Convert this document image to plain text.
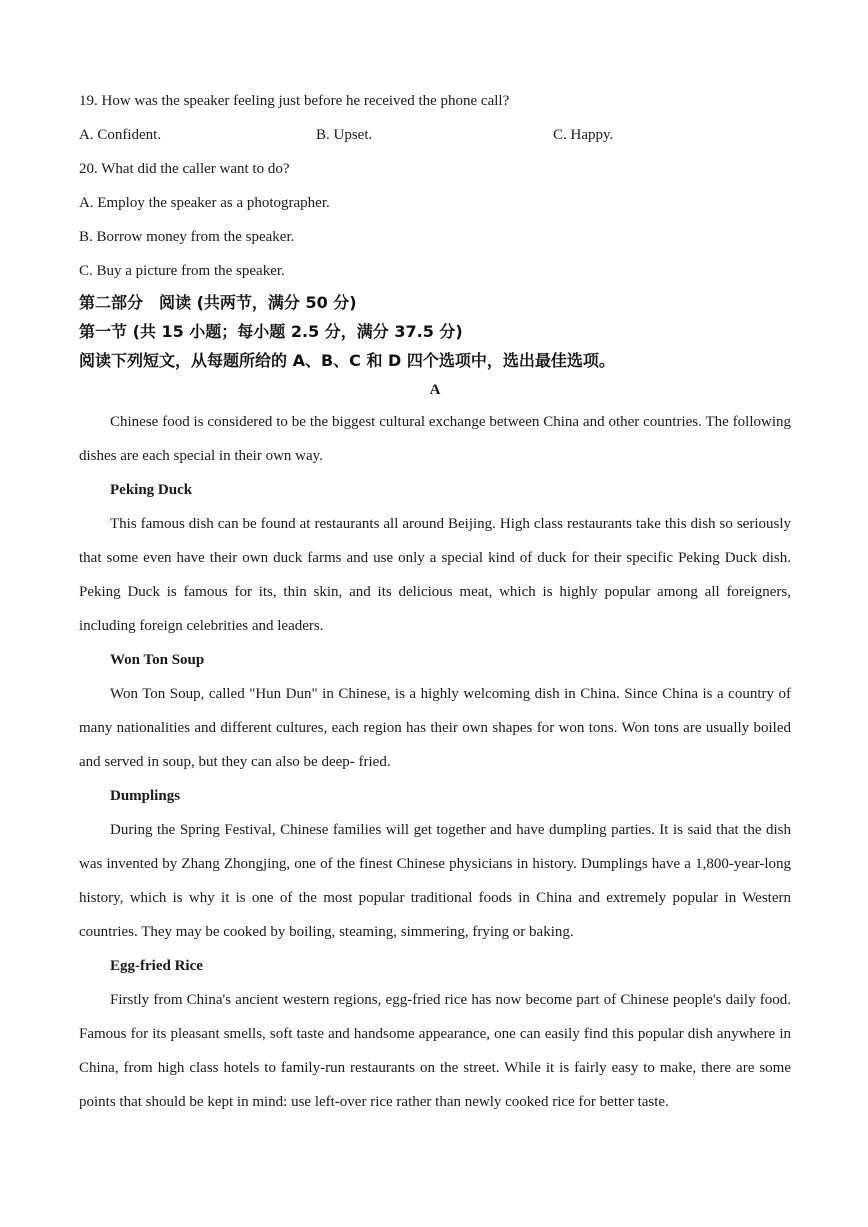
19. How was the speaker feeling just before he received the phone call?
A. Confident.	B. Upset.	C. Happy.
20. What did the caller want to do?
A. Employ the speaker as a photographer.
B. Borrow money from the speaker.
C. Buy a picture from the speaker.
第二部分　阅读 (共两节，满分 50 分)
第一节 (共 15 小题；每小题 2.5 分，满分 37.5 分)
阅读下列短文，从每题所给的 A、B、C 和 D 四个选项中，选出最佳选项。
A

Chinese food is considered to be the biggest cultural exchange between China and other countries. The following dishes are each special in their own way.

Peking Duck

This famous dish can be found at restaurants all around Beijing. High class restaurants take this dish so seriously that some even have their own duck farms and use only a special kind of duck for their specific Peking Duck dish. Peking Duck is famous for its, thin skin, and its delicious meat, which is highly popular among all foreigners, including foreign celebrities and leaders.

Won Ton Soup

Won Ton Soup, called "Hun Dun" in Chinese, is a highly welcoming dish in China. Since China is a country of many nationalities and different cultures, each region has their own shapes for won tons. Won tons are usually boiled and served in soup, but they can also be deep- fried.

Dumplings

During the Spring Festival, Chinese families will get together and have dumpling parties. It is said that the dish was invented by Zhang Zhongjing, one of the finest Chinese physicians in history. Dumplings have a 1,800-year-long history, which is why it is one of the most popular traditional foods in China and extremely popular in Western countries. They may be cooked by boiling, steaming, simmering, frying or baking.

Egg-fried Rice

Firstly from China's ancient western regions, egg-fried rice has now become part of Chinese people's daily food. Famous for its pleasant smells, soft taste and handsome appearance, one can easily find this popular dish anywhere in China, from high class hotels to family-run restaurants on the street. While it is fairly easy to make, there are some points that should be kept in mind: use left-over rice rather than newly cooked rice for better taste.
